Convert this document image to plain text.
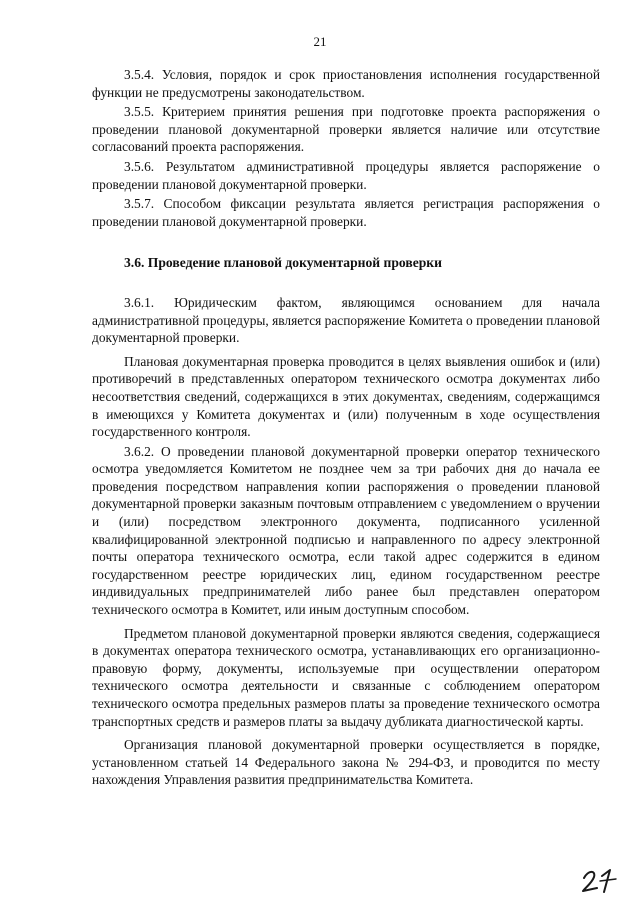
21

3.5.4. Условия, порядок и срок приостановления исполнения государственной функции не предусмотрены законодательством.

3.5.5. Критерием принятия решения при подготовке проекта распоряжения о проведении плановой документарной проверки является наличие или отсутствие согласований проекта распоряжения.

3.5.6. Результатом административной процедуры является распоряжение о проведении плановой документарной проверки.

3.5.7. Способом фиксации результата является регистрация распоряжения о проведении плановой документарной проверки.

3.6. Проведение плановой документарной проверки

3.6.1. Юридическим фактом, являющимся основанием для начала административной процедуры, является распоряжение Комитета о проведении плановой документарной проверки.

Плановая документарная проверка проводится в целях выявления ошибок и (или) противоречий в представленных оператором технического осмотра документах либо несоответствия сведений, содержащихся в этих документах, сведениям, содержащимся в имеющихся у Комитета документах и (или) полученным в ходе осуществления государственного контроля.

3.6.2. О проведении плановой документарной проверки оператор технического осмотра уведомляется Комитетом не позднее чем за три рабочих дня до начала ее проведения посредством направления копии распоряжения о проведении плановой документарной проверки заказным почтовым отправлением с уведомлением о вручении и (или) посредством электронного документа, подписанного усиленной квалифицированной электронной подписью и направленного по адресу электронной почты оператора технического осмотра, если такой адрес содержится в едином государственном реестре юридических лиц, едином государственном реестре индивидуальных предпринимателей либо ранее был представлен оператором технического осмотра в Комитет, или иным доступным способом.

Предметом плановой документарной проверки являются сведения, содержащиеся в документах оператора технического осмотра, устанавливающих его организационно-правовую форму, документы, используемые при осуществлении оператором технического осмотра деятельности и связанные с соблюдением оператором технического осмотра предельных размеров платы за проведение технического осмотра транспортных средств и размеров платы за выдачу дубликата диагностической карты.

Организация плановой документарной проверки осуществляется в порядке, установленном статьей 14 Федерального закона № 294-ФЗ, и проводится по месту нахождения Управления развития предпринимательства Комитета.
